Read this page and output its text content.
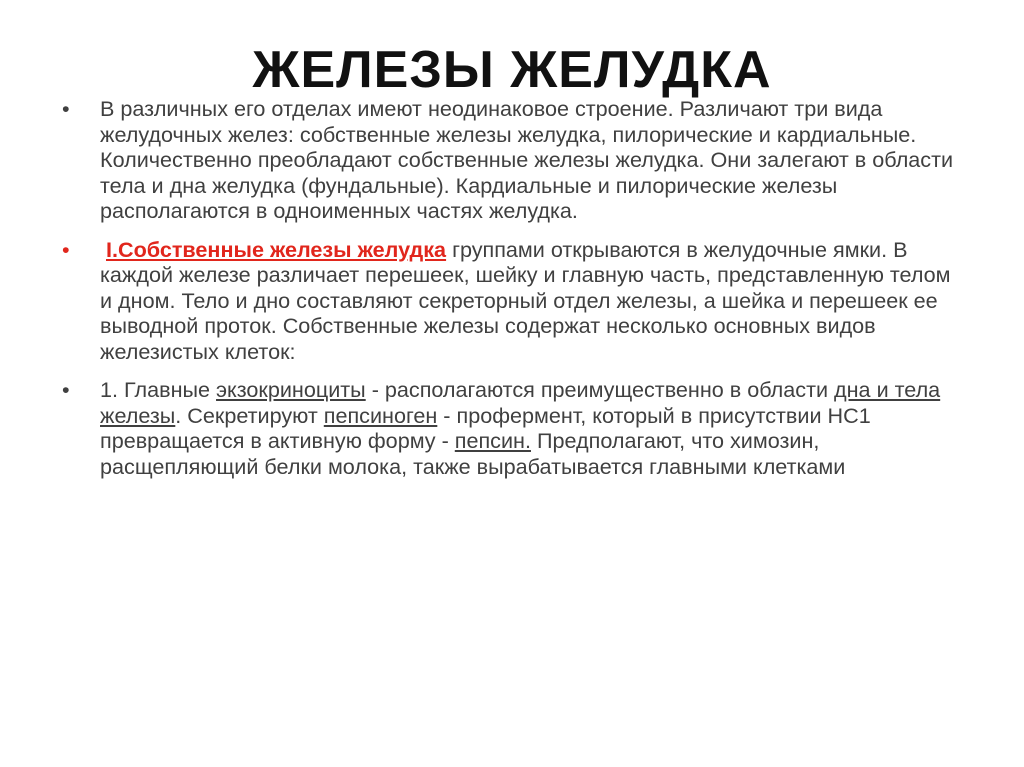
ЖЕЛЕЗЫ ЖЕЛУДКА
•	В различных его отделах имеют неодинаковое строение. Различают три вида желудочных желез: собственные железы желудка, пилорические и кардиальные. Количественно преобладают собственные железы желудка. Они залегают в области тела и дна желудка (фундальные). Кардиальные и пилорические железы располагаются в одноименных частях желудка.
•	I.Собственные железы желудка группами открываются в желудочные ямки. В каждой железе различает перешеек, шейку и главную часть, представленную телом и дном. Тело и дно составляют секреторный отдел железы, а шейка и перешеек ее выводной проток. Собственные железы содержат несколько основных видов железистых клеток:
•	1. Главные экзокриноциты - располагаются преимущественно в области дна и тела железы. Секретируют пепсиноген - профермент, который в присутствии НС1 превращается в активную форму - пепсин. Предполагают, что химозин, расщепляющий белки молока, также вырабатывается главными клетками
